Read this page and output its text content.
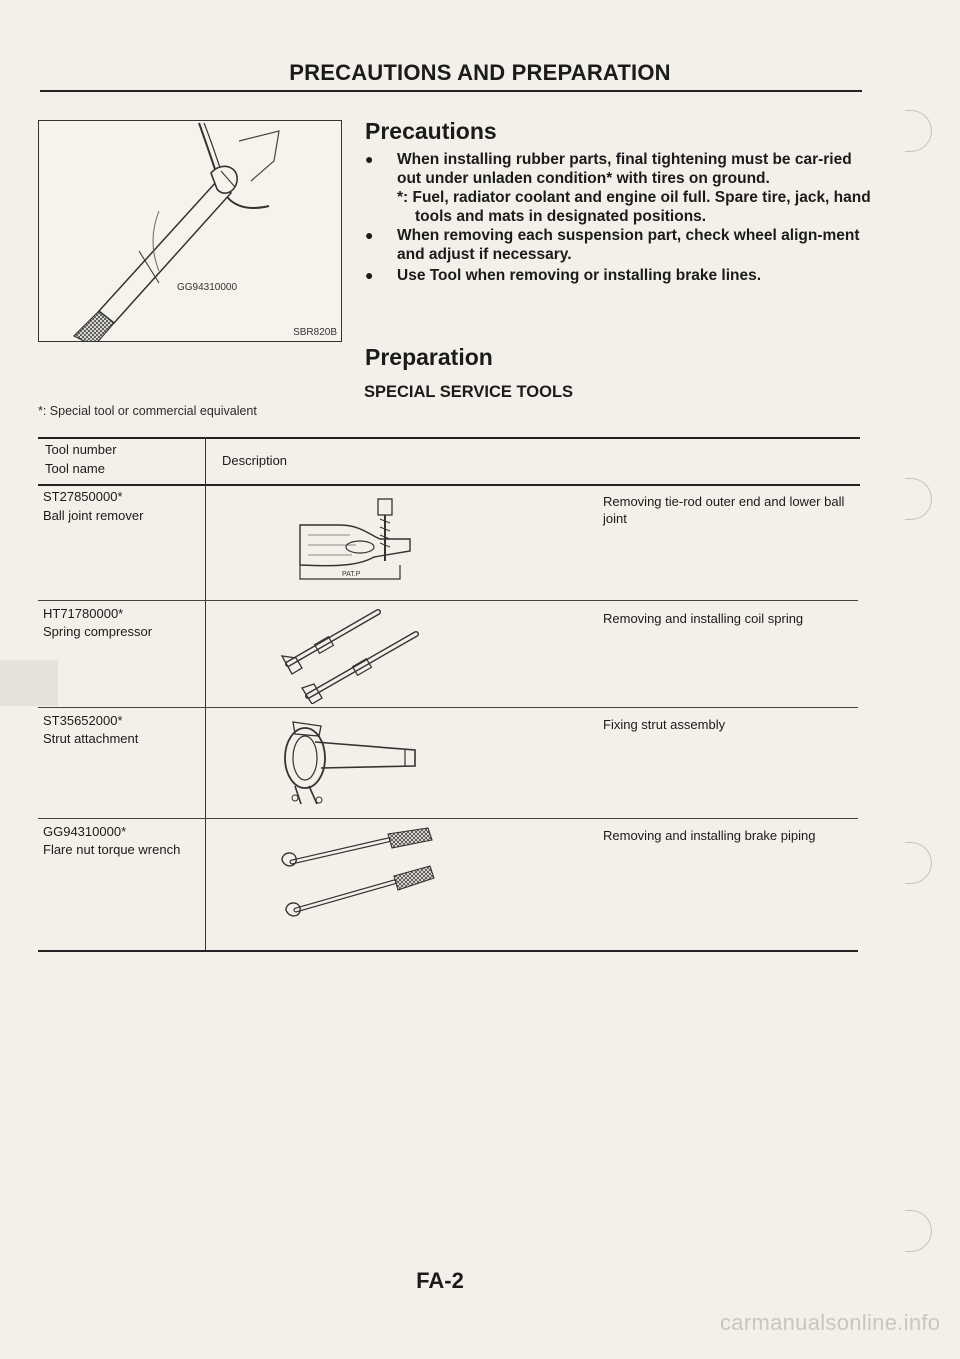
PRECAUTIONS AND PREPARATION
GG94310000
SBR820B
Precautions
● When installing rubber parts, final tightening must be car-ried out under unladen condition* with tires on ground.
*: Fuel, radiator coolant and engine oil full. Spare tire, jack, hand tools and mats in designated positions.
● When removing each suspension part, check wheel align-ment and adjust if necessary.
● Use Tool when removing or installing brake lines.
Preparation
SPECIAL SERVICE TOOLS
*: Special tool or commercial equivalent
Tool number
Tool name
Description
ST27850000*
Ball joint remover
Removing tie-rod outer end and lower ball joint
PAT.P
HT71780000*
Spring compressor
Removing and installing coil spring
ST35652000*
Strut attachment
Fixing strut assembly
GG94310000*
Flare nut torque wrench
Removing and installing brake piping
FA-2
carmanualsonline.info
